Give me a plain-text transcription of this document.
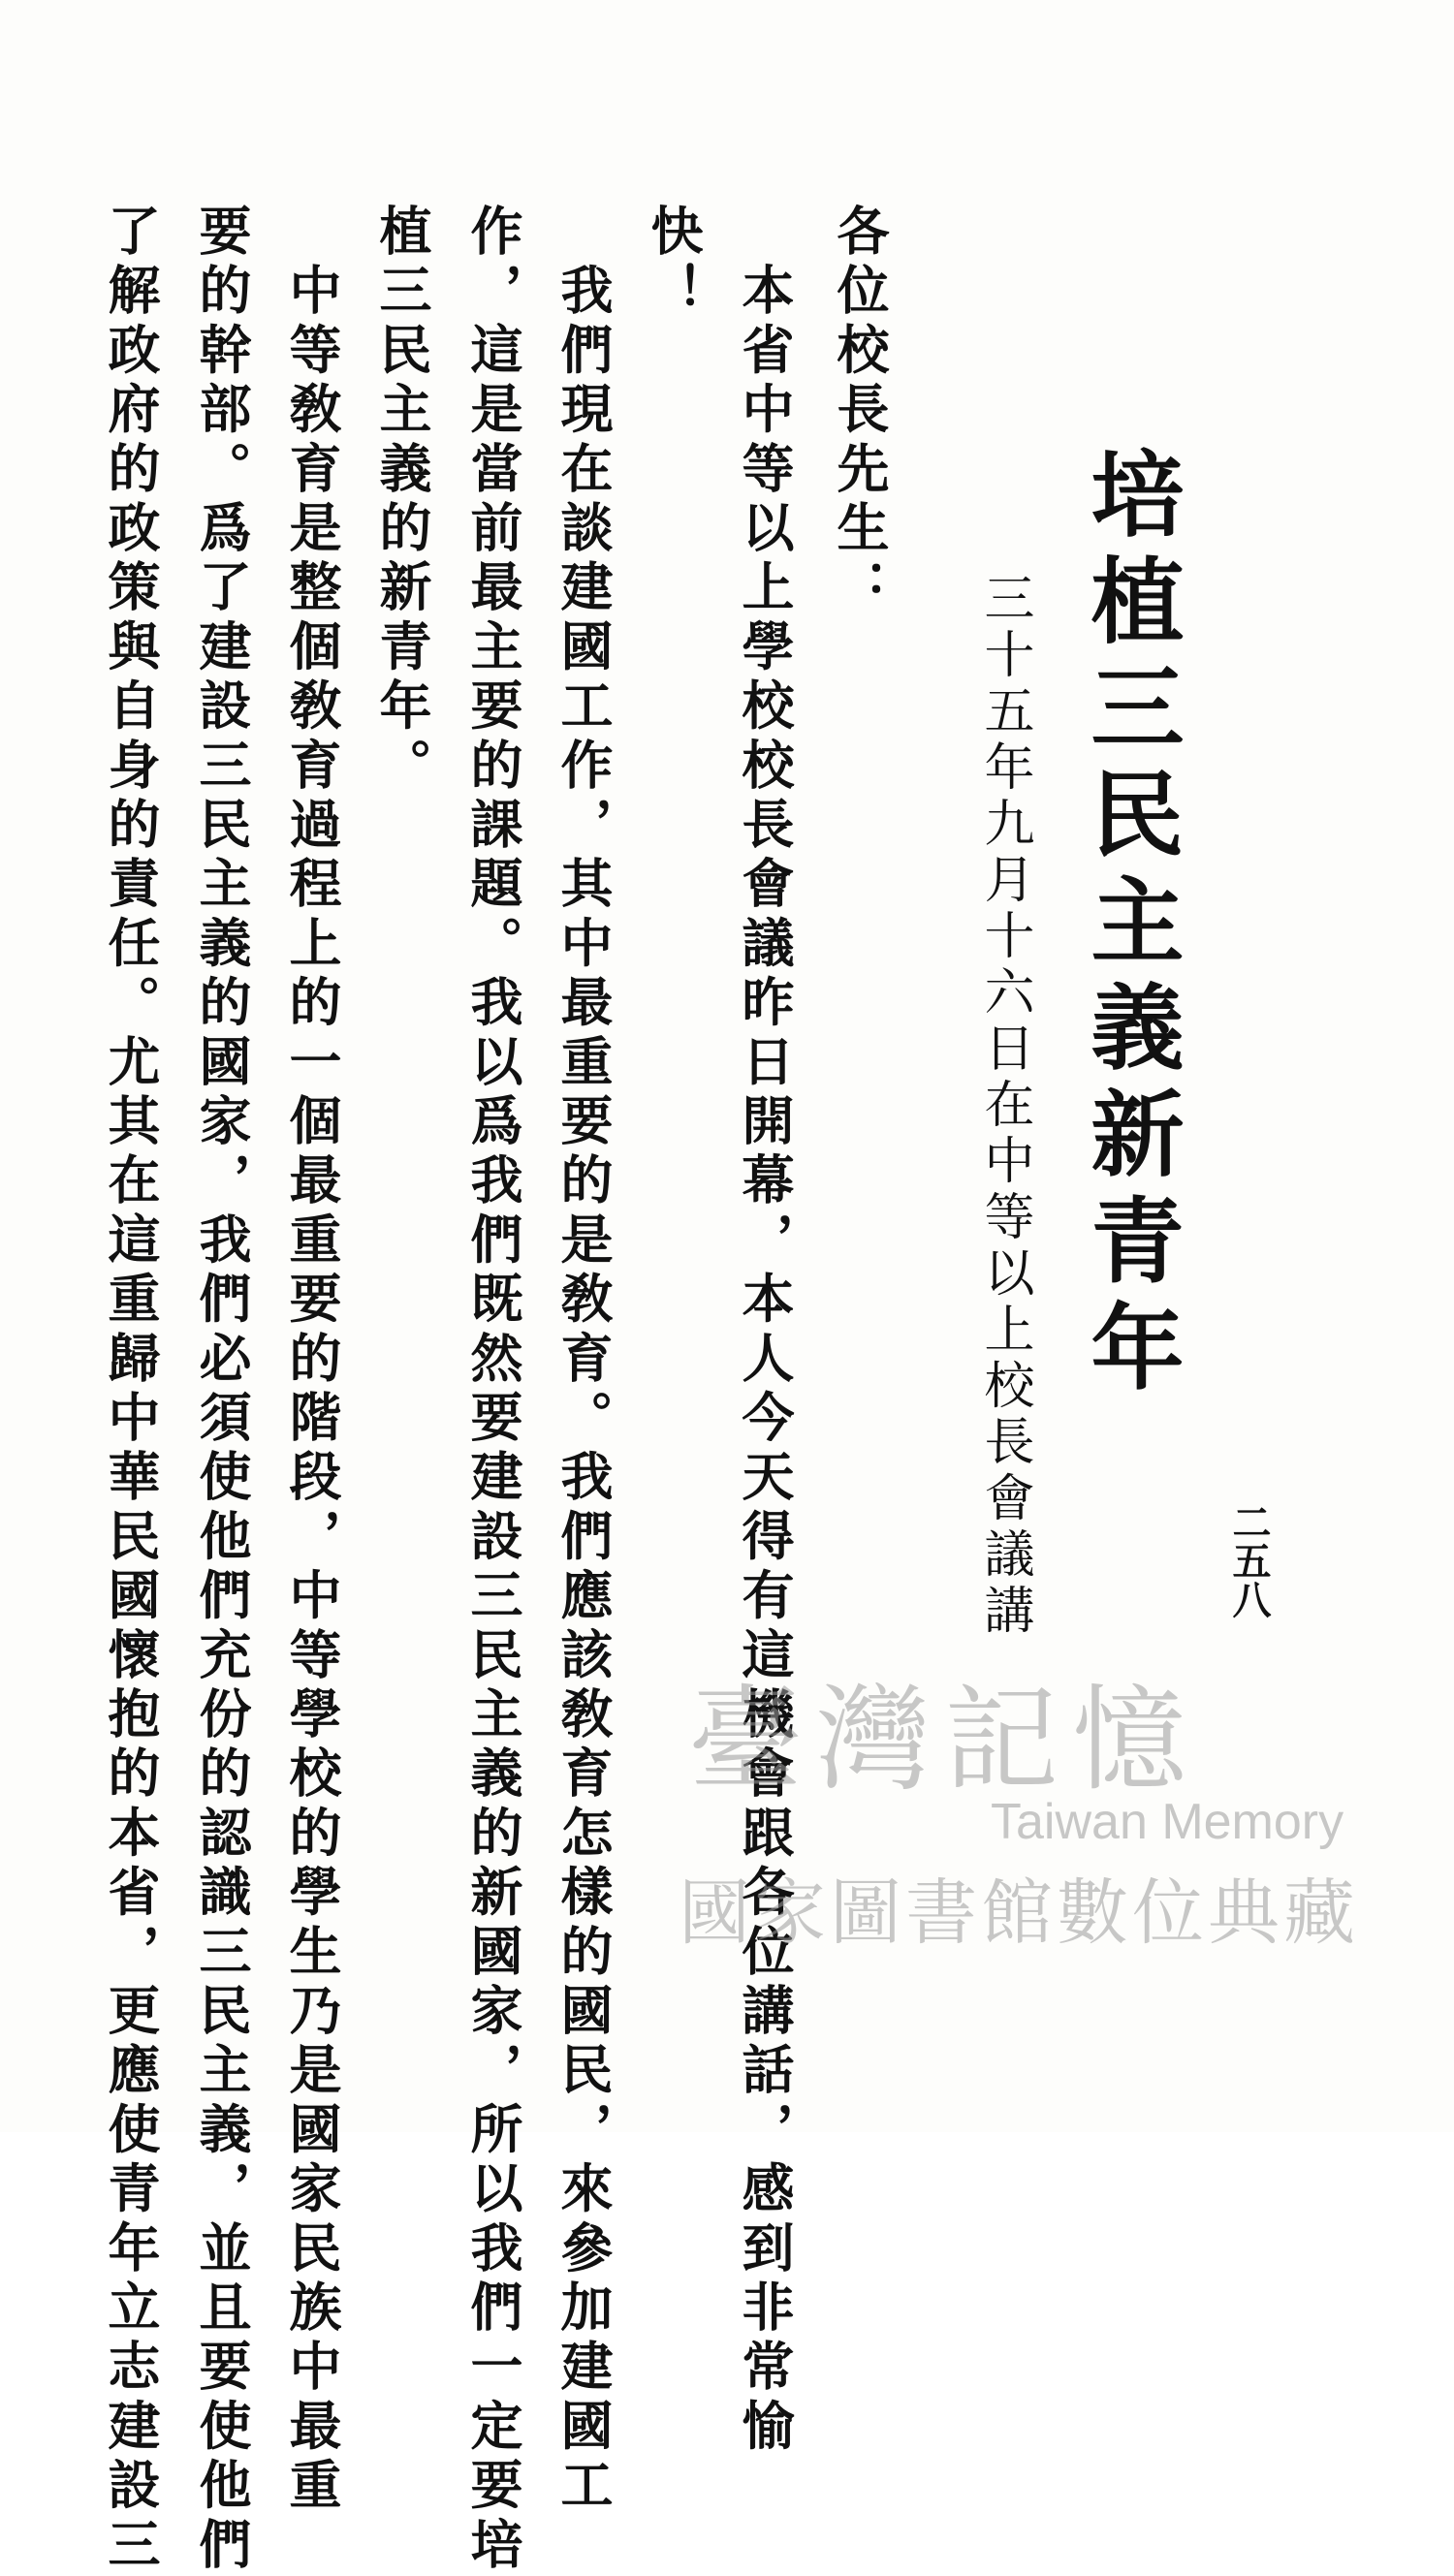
二五八
培植三民主義新青年
三十五年九月十六日在中等以上校長會議講
各位校長先生：
　本省中等以上學校校長會議昨日開幕，本人今天得有這機會跟各位講話，感到非常愉
快！
　我們現在談建國工作，其中最重要的是敎育。我們應該敎育怎樣的國民，來參加建國工
作，這是當前最主要的課題。我以爲我們既然要建設三民主義的新國家，所以我們一定要培
植三民主義的新青年。
　中等敎育是整個敎育過程上的一個最重要的階段，中等學校的學生乃是國家民族中最重
要的幹部。爲了建設三民主義的國家，我們必須使他們充份的認識三民主義，並且要使他們
了解政府的政策與自身的責任。尤其在這重歸中華民國懷抱的本省，更應使青年立志建設三	臺灣記憶
Taiwan Memory
國家圖書館數位典藏
